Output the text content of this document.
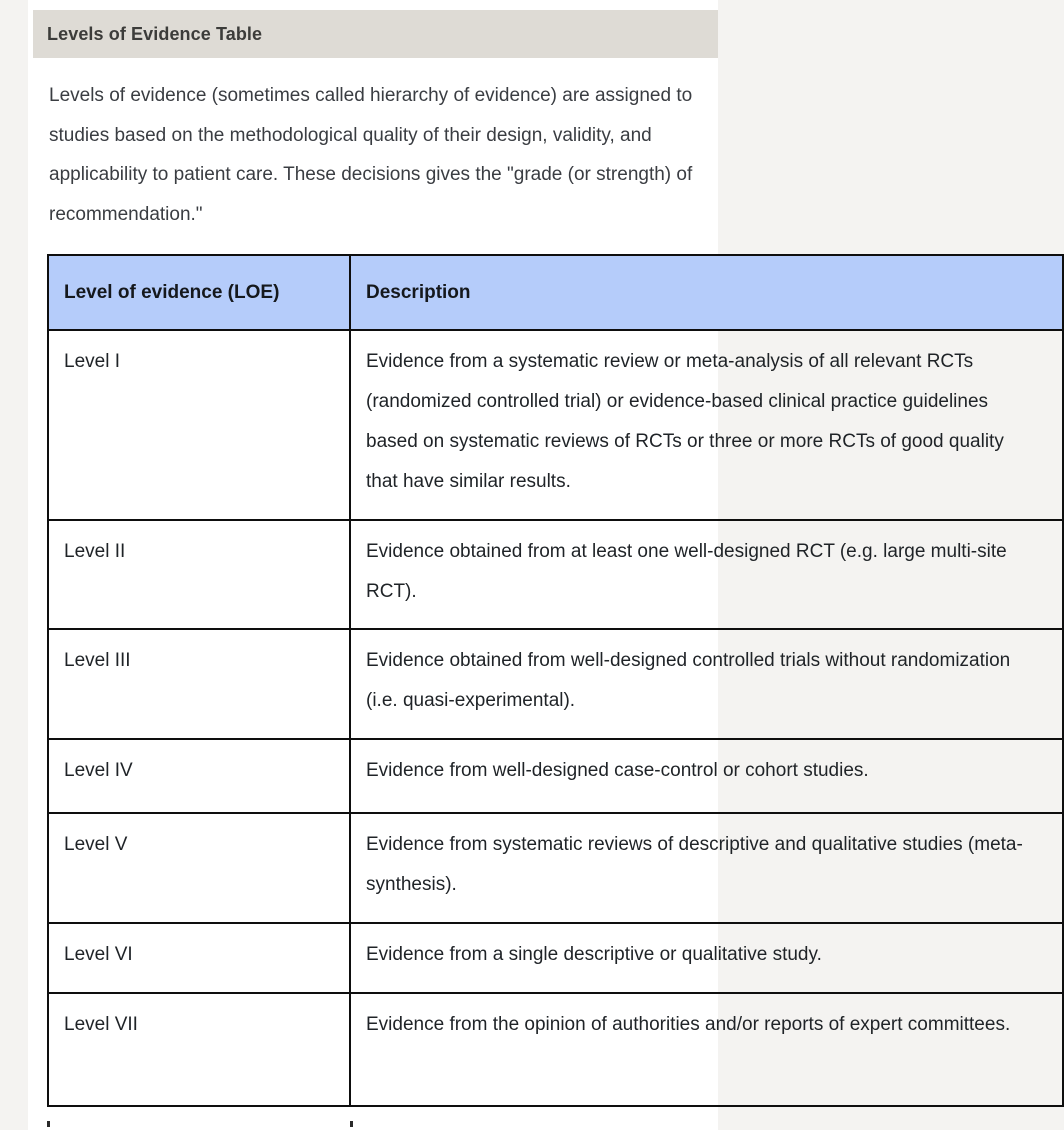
Levels of Evidence Table

Levels of evidence (sometimes called hierarchy of evidence) are assigned to studies based on the methodological quality of their design, validity, and applicability to patient care. These decisions gives the "grade (or strength) of recommendation."

Level of evidence (LOE)	Description
Level I	Evidence from a systematic review or meta-analysis of all relevant RCTs (randomized controlled trial) or evidence-based clinical practice guidelines based on systematic reviews of RCTs or three or more RCTs of good quality that have similar results.
Level II	Evidence obtained from at least one well-designed RCT (e.g. large multi-site RCT).
Level III	Evidence obtained from well-designed controlled trials without randomization (i.e. quasi-experimental).
Level IV	Evidence from well-designed case-control or cohort studies.
Level V	Evidence from systematic reviews of descriptive and qualitative studies (meta-synthesis).
Level VI	Evidence from a single descriptive or qualitative study.
Level VII	Evidence from the opinion of authorities and/or reports of expert committees.
